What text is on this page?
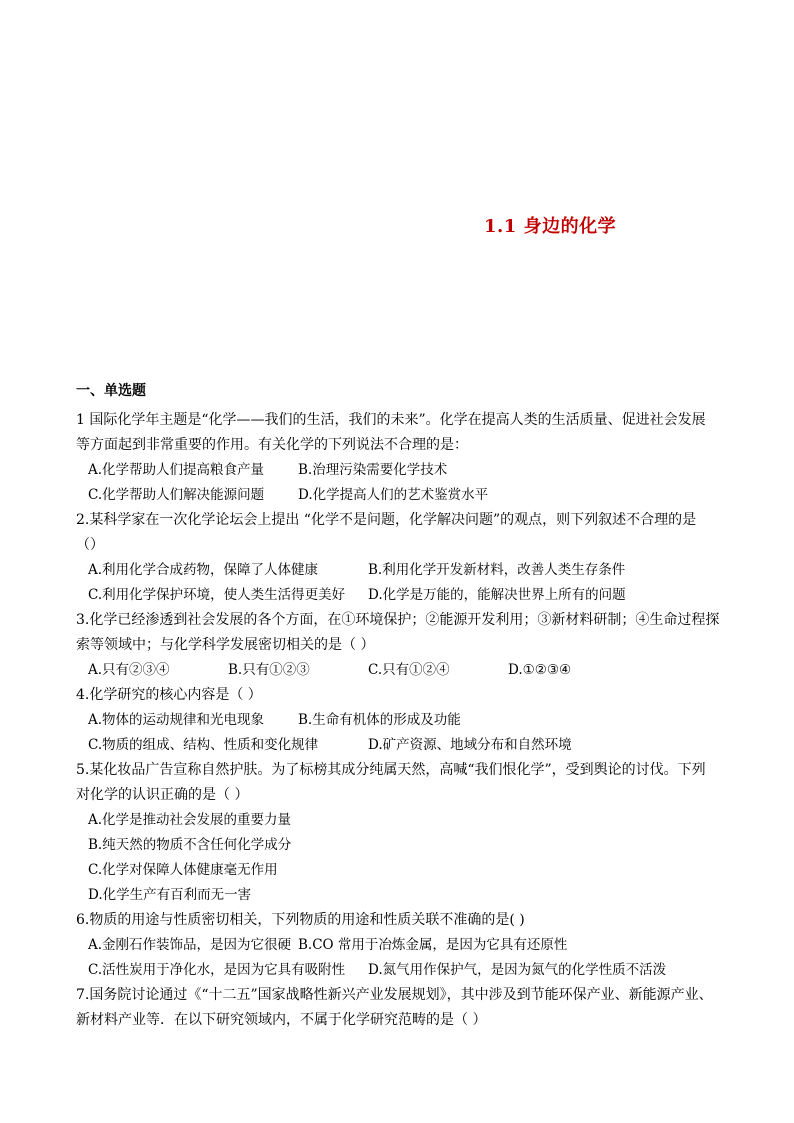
1.1 身边的化学
一、单选题
1 国际化学年主题是“化学——我们的生活，我们的未来”。化学在提高人类的生活质量、促进社会发展
等方面起到非常重要的作用。有关化学的下列说法不合理的是：
A.化学帮助人们提高粮食产量	B.治理污染需要化学技术
C.化学帮助人们解决能源问题	D.化学提高人们的艺术鉴赏水平
2.某科学家在一次化学论坛会上提出 “化学不是问题，化学解决问题”的观点，则下列叙述不合理的是
（）
A.利用化学合成药物，保障了人体健康	B.利用化学开发新材料，改善人类生存条件
C.利用化学保护环境，使人类生活得更美好 D.化学是万能的，能解决世界上所有的问题
3.化学已经渗透到社会发展的各个方面，在①环境保护；②能源开发利用；③新材料研制；④生命过程探
索等领域中；与化学科学发展密切相关的是（ ）
A.只有②③④	B.只有①②③	C.只有①②④	D.①②③④
4.化学研究的核心内容是（ ）
A.物体的运动规律和光电现象	B.生命有机体的形成及功能
C.物质的组成、结构、性质和变化规律	D.矿产资源、地域分布和自然环境
5.某化妆品广告宣称自然护肤。为了标榜其成分纯属天然，高喊“我们恨化学”，受到舆论的讨伐。下列
对化学的认识正确的是（ ）
A.化学是推动社会发展的重要力量
B.纯天然的物质不含任何化学成分
C.化学对保障人体健康毫无作用
D.化学生产有百利而无一害
6.物质的用途与性质密切相关，下列物质的用途和性质关联不准确的是( )
A.金刚石作装饰品，是因为它很硬 B.CO 常用于冶炼金属，是因为它具有还原性
C.活性炭用于净化水，是因为它具有吸附性 D.氮气用作保护气，是因为氮气的化学性质不活泼
7.国务院讨论通过《“十二五”国家战略性新兴产业发展规划》，其中涉及到节能环保产业、新能源产业、
新材料产业等．在以下研究领域内，不属于化学研究范畴的是（ ）
